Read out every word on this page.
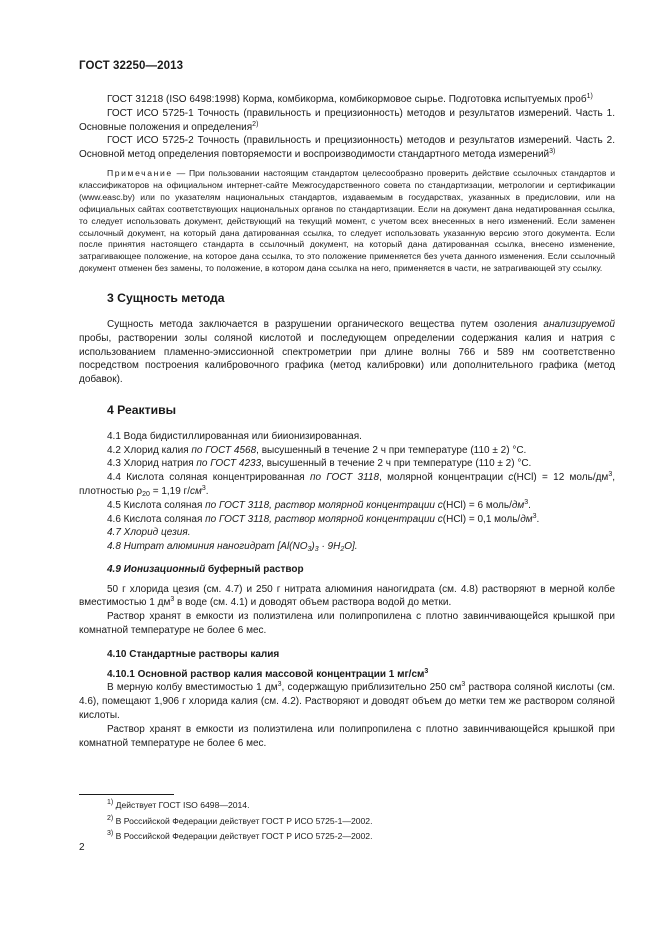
ГОСТ 32250—2013

ГОСТ 31218 (ISO 6498:1998) Корма, комбикорма, комбикормовое сырье. Подготовка испытуемых проб$^{1)}$

ГОСТ ИСО 5725-1 Точность (правильность и прецизионность) методов и результатов измерений. Часть 1. Основные положения и определения$^{2)}$

ГОСТ ИСО 5725-2 Точность (правильность и прецизионность) методов и результатов измерений. Часть 2. Основной метод определения повторяемости и воспроизводимости стандартного метода измерений$^{3)}$

Примечание — При пользовании настоящим стандартом целесообразно проверить действие ссылочных стандартов и классификаторов на официальном интернет-сайте Межгосударственного совета по стандартизации, метрологии и сертификации (www.easc.by) или по указателям национальных стандартов, издаваемым в государствах, указанных в предисловии, или на официальных сайтах соответствующих национальных органов по стандартизации. Если на документ дана недатированная ссылка, то следует использовать документ, действующий на текущий момент, с учетом всех внесенных в него изменений. Если заменен ссылочный документ, на который дана датированная ссылка, то следует использовать указанную версию этого документа. Если после принятия настоящего стандарта в ссылочный документ, на который дана датированная ссылка, внесено изменение, затрагивающее положение, на которое дана ссылка, то это положение применяется без учета данного изменения. Если ссылочный документ отменен без замены, то положение, в котором дана ссылка на него, применяется в части, не затрагивающей эту ссылку.

3 Сущность метода

Сущность метода заключается в разрушении органического вещества путем озоления анализируемой пробы, растворении золы соляной кислотой и последующем определении содержания калия и натрия с использованием пламенно-эмиссионной спектрометрии при длине волны 766 и 589 нм соответственно посредством построения калибровочного графика (метод калибровки) или дополнительного графика (метод добавок).

4 Реактивы

4.1 Вода бидистиллированная или биионизированная.

4.2 Хлорид калия по ГОСТ 4568, высушенный в течение 2 ч при температуре (110 ± 2) °С.

4.3 Хлорид натрия по ГОСТ 4233, высушенный в течение 2 ч при температуре (110 ± 2) °С.

4.4 Кислота соляная концентрированная по ГОСТ 3118, молярной концентрации c(HCl) = 12 моль/$дм^3$, плотностью $\rho_{20} = 1,19$ $г/см^3$.

4.5 Кислота соляная по ГОСТ 3118, раствор молярной концентрации c(HCl) = 6 моль/$дм^3$.

4.6 Кислота соляная по ГОСТ 3118, раствор молярной концентрации c(HCl) = 0,1 моль/$дм^3$.

4.7 Хлорид цезия.

4.8 Нитрат алюминия наногидрат $[Al(NO_3)_3 \cdot 9H_2O]$.

4.9 Ионизационный буферный раствор

50 г хлорида цезия (см. 4.7) и 250 г нитрата алюминия наногидрата (см. 4.8) растворяют в мерной колбе вместимостью 1 $дм^3$ в воде (см. 4.1) и доводят объем раствора водой до метки.

Раствор хранят в емкости из полиэтилена или полипропилена с плотно завинчивающейся крышкой при комнатной температуре не более 6 мес.

4.10 Стандартные растворы калия

4.10.1 Основной раствор калия массовой концентрации 1 $мг/см^3$

В мерную колбу вместимостью 1 $дм^3$, содержащую приблизительно 250 $см^3$ раствора соляной кислоты (см. 4.6), помещают 1,906 г хлорида калия (см. 4.2). Растворяют и доводят объем до метки тем же раствором соляной кислоты.

Раствор хранят в емкости из полиэтилена или полипропилена с плотно завинчивающейся крышкой при комнатной температуре не более 6 мес.

$^{1)}$ Действует ГОСТ ISO 6498—2014.
$^{2)}$ В Российской Федерации действует ГОСТ Р ИСО 5725-1—2002.
$^{3)}$ В Российской Федерации действует ГОСТ Р ИСО 5725-2—2002.
2
